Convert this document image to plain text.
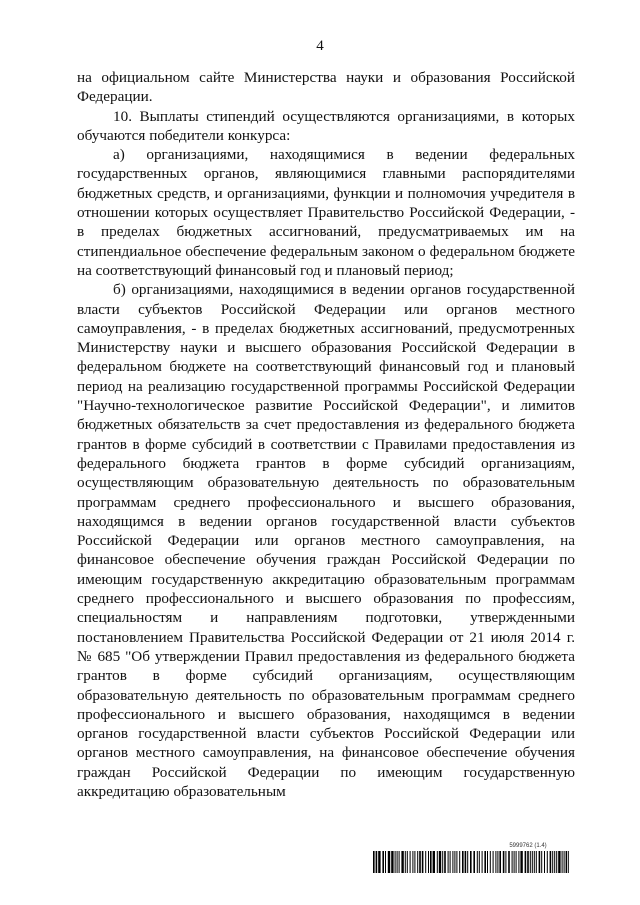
4

на официальном сайте Министерства науки и образования Российской Федерации.

10. Выплаты стипендий осуществляются организациями, в которых обучаются победители конкурса:

а) организациями, находящимися в ведении федеральных государственных органов, являющимися главными распорядителями бюджетных средств, и организациями, функции и полномочия учредителя в отношении которых осуществляет Правительство Российской Федерации, - в пределах бюджетных ассигнований, предусматриваемых им на стипендиальное обеспечение федеральным законом о федеральном бюджете на соответствующий финансовый год и плановый период;

б) организациями, находящимися в ведении органов государственной власти субъектов Российской Федерации или органов местного самоуправления, - в пределах бюджетных ассигнований, предусмотренных Министерству науки и высшего образования Российской Федерации в федеральном бюджете на соответствующий финансовый год и плановый период на реализацию государственной программы Российской Федерации "Научно-технологическое развитие Российской Федерации", и лимитов бюджетных обязательств за счет предоставления из федерального бюджета грантов в форме субсидий в соответствии с Правилами предоставления из федерального бюджета грантов в форме субсидий организациям, осуществляющим образовательную деятельность по образовательным программам среднего профессионального и высшего образования, находящимся в ведении органов государственной власти субъектов Российской Федерации или органов местного самоуправления, на финансовое обеспечение обучения граждан Российской Федерации по имеющим государственную аккредитацию образовательным программам среднего профессионального и высшего образования по профессиям, специальностям и направлениям подготовки, утвержденными постановлением Правительства Российской Федерации от 21 июля 2014 г. № 685 "Об утверждении Правил предоставления из федерального бюджета грантов в форме субсидий организациям, осуществляющим образовательную деятельность по образовательным программам среднего профессионального и высшего образования, находящимся в ведении органов государственной власти субъектов Российской Федерации или органов местного самоуправления, на финансовое обеспечение обучения граждан Российской Федерации по имеющим государственную аккредитацию образовательным

5999762 (1.4)
